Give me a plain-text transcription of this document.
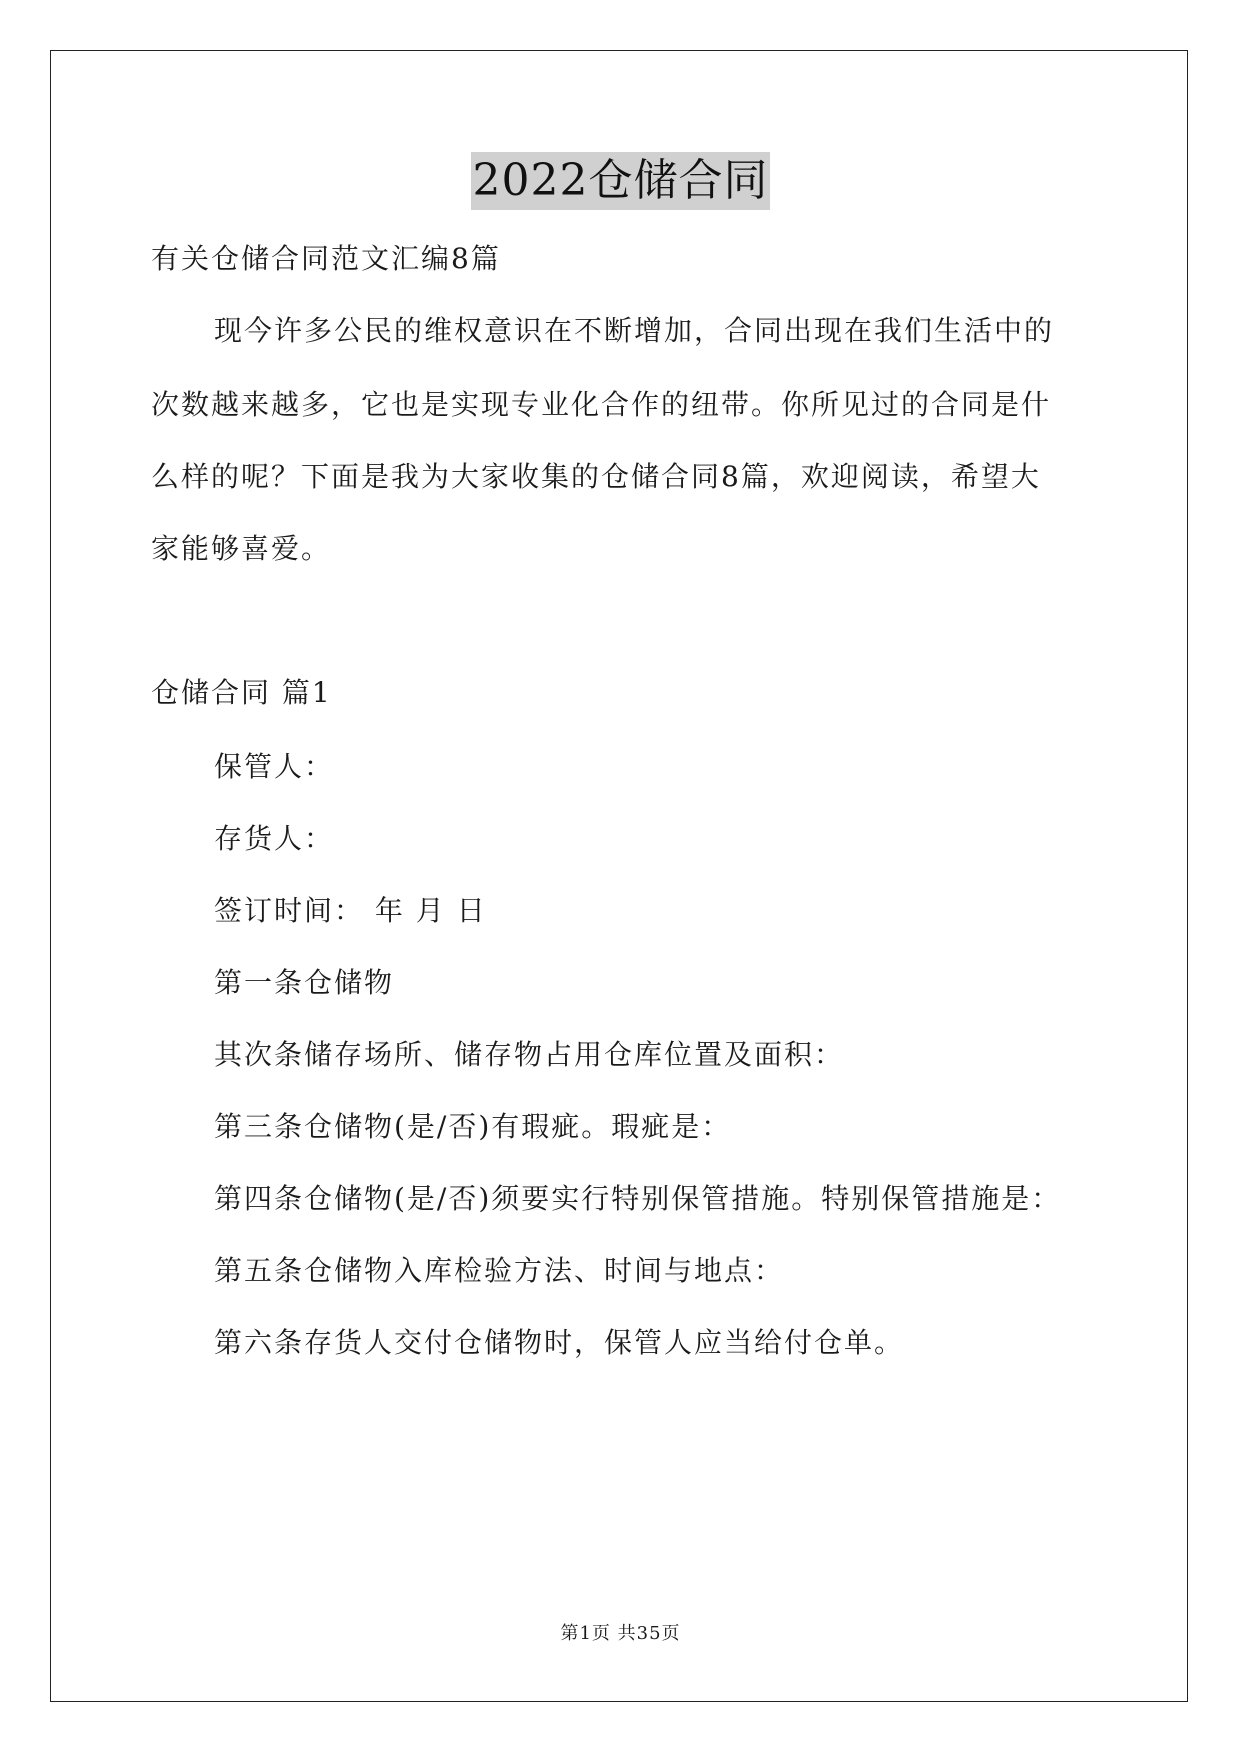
2022仓储合同
有关仓储合同范文汇编8篇
现今许多公民的维权意识在不断增加，合同出现在我们生活中的
次数越来越多，它也是实现专业化合作的纽带。你所见过的合同是什
么样的呢？下面是我为大家收集的仓储合同8篇，欢迎阅读，希望大
家能够喜爱。
仓储合同 篇1
保管人：
存货人：
签订时间： 年 月 日
第一条仓储物
其次条储存场所、储存物占用仓库位置及面积：
第三条仓储物(是/否)有瑕疵。瑕疵是：
第四条仓储物(是/否)须要实行特别保管措施。特别保管措施是：
第五条仓储物入库检验方法、时间与地点：
第六条存货人交付仓储物时，保管人应当给付仓单。
第1页 共35页
